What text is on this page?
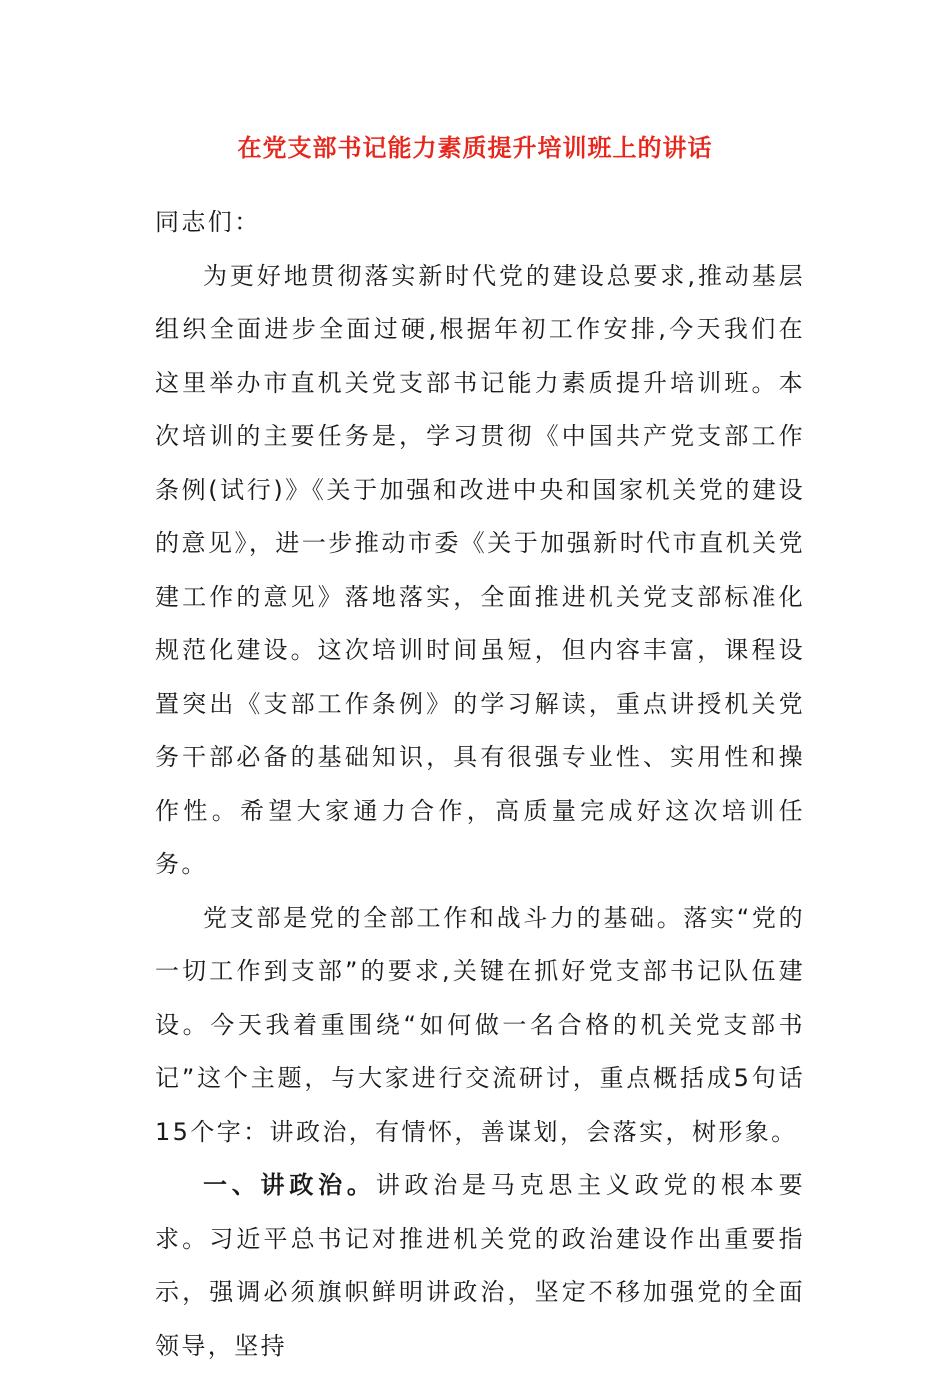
在党支部书记能力素质提升培训班上的讲话

同志们：

为更好地贯彻落实新时代党的建设总要求,推动基层组织全面进步全面过硬,根据年初工作安排,今天我们在这里举办市直机关党支部书记能力素质提升培训班。本次培训的主要任务是，学习贯彻《中国共产党支部工作条例(试行)》《关于加强和改进中央和国家机关党的建设的意见》，进一步推动市委《关于加强新时代市直机关党建工作的意见》落地落实，全面推进机关党支部标准化规范化建设。这次培训时间虽短，但内容丰富，课程设置突出《支部工作条例》的学习解读，重点讲授机关党务干部必备的基础知识，具有很强专业性、实用性和操作性。希望大家通力合作，高质量完成好这次培训任务。

党支部是党的全部工作和战斗力的基础。落实“党的一切工作到支部”的要求,关键在抓好党支部书记队伍建设。今天我着重围绕“如何做一名合格的机关党支部书记”这个主题，与大家进行交流研讨，重点概括成5句话15个字：讲政治，有情怀，善谋划，会落实，树形象。

一、讲政治。讲政治是马克思主义政党的根本要求。习近平总书记对推进机关党的政治建设作出重要指示，强调必须旗帜鲜明讲政治，坚定不移加强党的全面领导，坚持
